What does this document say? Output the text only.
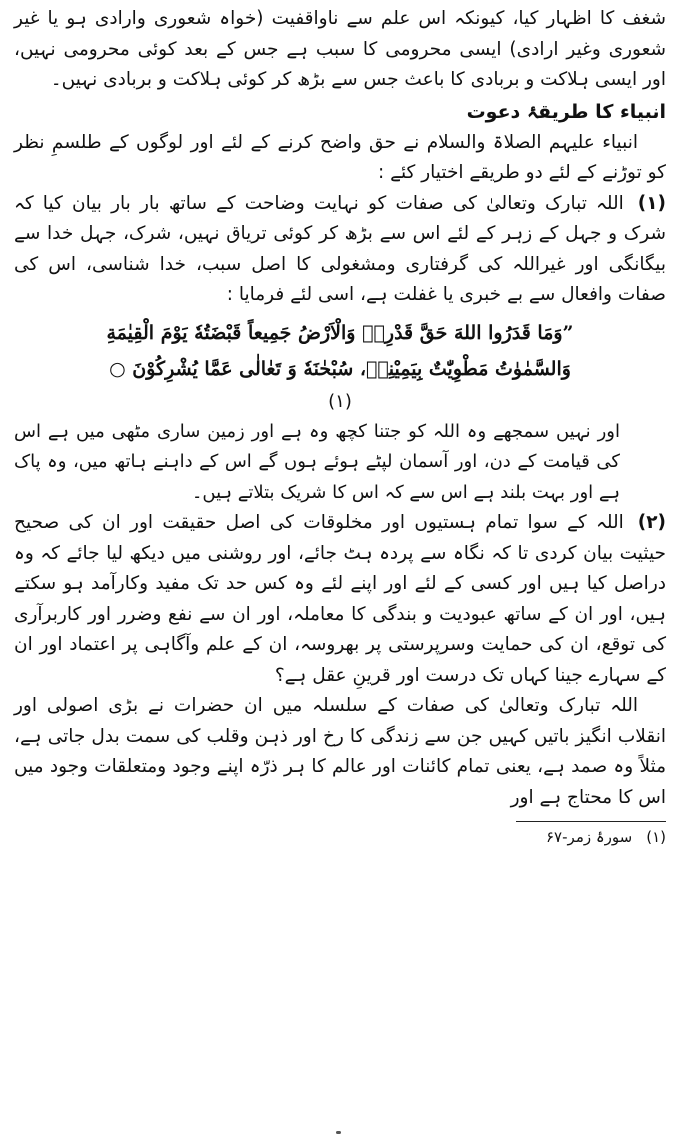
شغف کا اظہار کیا، کیونکہ اس علم سے ناواقفیت (خواہ شعوری وارادی ہو یا غیر شعوری وغیر ارادی) ایسی محرومی کا سبب ہے جس کے بعد کوئی محرومی نہیں، اور ایسی ہلاکت و بربادی کا باعث جس سے بڑھ کر کوئی ہلاکت و بربادی نہیں۔

انبیاء کا طریقۂ دعوت

انبیاء علیہم الصلاۃ والسلام نے حق واضح کرنے کے لئے اور لوگوں کے طلسمِ نظر کو توڑنے کے لئے دو طریقے اختیار کئے :

(۱)اللہ تبارک وتعالیٰ کی صفات کو نہایت وضاحت کے ساتھ بار بار بیان کیا کہ شرک و جہل کے زہر کے لئے اس سے بڑھ کر کوئی تریاق نہیں، شرک، جہل خدا سے بیگانگی اور غیراللہ کی گرفتاری ومشغولی کا اصل سبب، خدا شناسی، اس کی صفات وافعال سے بے خبری یا غفلت ہے، اسی لئے فرمایا :

”وَمَا قَدَرُوا اللهَ حَقَّ قَدْرِهٖ وَالْاَرْضُ جَمِيعاً قَبْضَتُهٗ يَوْمَ الْقِيٰمَةِ

وَالسَّمٰوٰتُ مَطْوِيّٰتٌ بِيَمِيْنِهٖ، سُبْحٰنَهٗ وَ تَعٰالٰی عَمَّا يُشْرِكُوْنَ ○

(۱)

اور نہیں سمجھے وہ اللہ کو جتنا کچھ وہ ہے اور زمین ساری مٹھی میں ہے اس کی قیامت کے دن، اور آسمان لپٹے ہوئے ہوں گے اس کے داہنے ہاتھ میں، وہ پاک ہے اور بہت بلند ہے اس سے کہ اس کا شریک بتلاتے ہیں۔

(۲)اللہ کے سوا تمام ہستیوں اور مخلوقات کی اصل حقیقت اور ان کی صحیح حیثیت بیان کردی تا کہ نگاہ سے پردہ ہٹ جائے، اور روشنی میں دیکھ لیا جائے کہ وہ دراصل کیا ہیں اور کسی کے لئے اور اپنے لئے وہ کس حد تک مفید وکارآمد ہو سکتے ہیں، اور ان کے ساتھ عبودیت و بندگی کا معاملہ، اور ان سے نفع وضرر اور کاربرآری کی توقع، ان کی حمایت وسرپرستی پر بھروسہ، ان کے علم وآگاہی پر اعتماد اور ان کے سہارے جینا کہاں تک درست اور قرینِ عقل ہے؟

اللہ تبارک وتعالیٰ کی صفات کے سلسلہ میں ان حضرات نے بڑی اصولی اور انقلاب انگیز باتیں کہیں جن سے زندگی کا رخ اور ذہن وقلب کی سمت بدل جاتی ہے، مثلاً وہ صمد ہے، یعنی تمام کائنات اور عالم کا ہر ذرّہ اپنے وجود ومتعلقات وجود میں اس کا محتاج ہے اور

(۱)سورۂ زمر-۶۷
